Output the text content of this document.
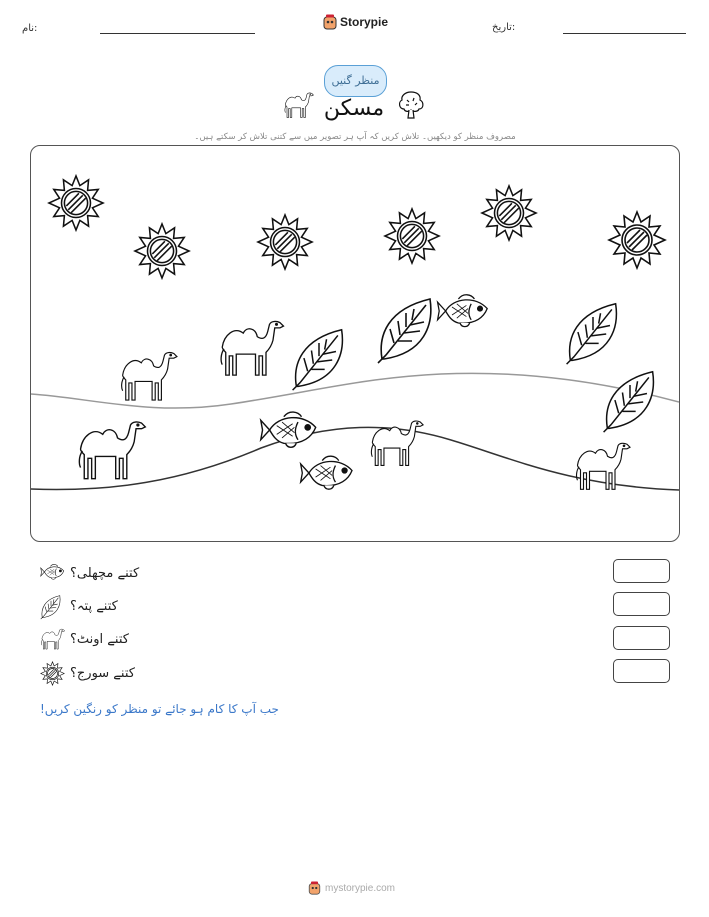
نام:	Storypie	تاریخ:
منظر گنیں
مسکن
مصروف منظر کو دیکھیں۔ تلاش کریں کہ آپ ہر تصویر میں سے کتنی تلاش کر سکتے ہیں۔
کتنے مچھلی؟
کتنے پتہ؟
کتنے اونٹ؟
کتنے سورج؟
جب آپ کا کام ہو جائے تو منظر کو رنگین کریں!
mystorypie.com
